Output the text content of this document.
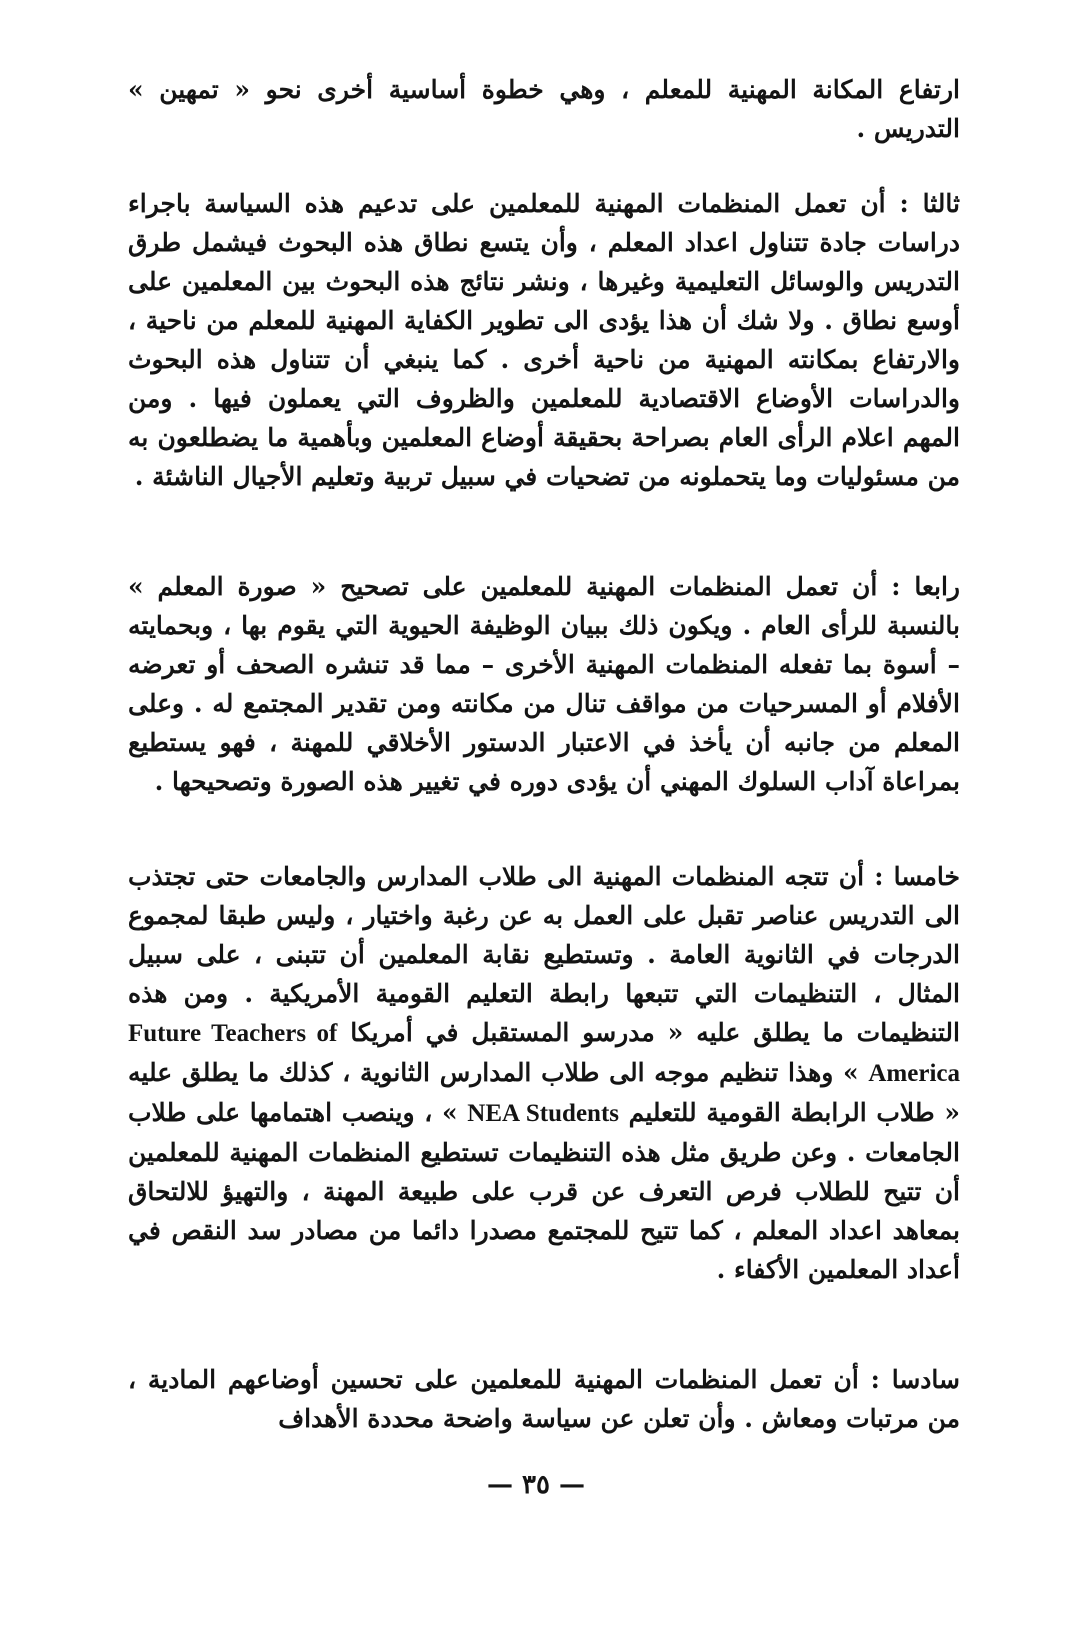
ارتفاع المكانة المهنية للمعلم ، وهي خطوة أساسية أخرى نحو « تمهين » التدريس .

ثالثا : أن تعمل المنظمات المهنية للمعلمين على تدعيم هذه السياسة باجراء دراسات جادة تتناول اعداد المعلم ، وأن يتسع نطاق هذه البحوث فيشمل طرق التدريس والوسائل التعليمية وغيرها ، ونشر نتائج هذه البحوث بين المعلمين على أوسع نطاق . ولا شك أن هذا يؤدى الى تطوير الكفاية المهنية للمعلم من ناحية ، والارتفاع بمكانته المهنية من ناحية أخرى . كما ينبغي أن تتناول هذه البحوث والدراسات الأوضاع الاقتصادية للمعلمين والظروف التي يعملون فيها . ومن المهم اعلام الرأى العام بصراحة بحقيقة أوضاع المعلمين وبأهمية ما يضطلعون به من مسئوليات وما يتحملونه من تضحيات في سبيل تربية وتعليم الأجيال الناشئة .

رابعا : أن تعمل المنظمات المهنية للمعلمين على تصحيح « صورة المعلم » بالنسبة للرأى العام . ويكون ذلك ببيان الوظيفة الحيوية التي يقوم بها ، وبحمايته – أسوة بما تفعله المنظمات المهنية الأخرى – مما قد تنشره الصحف أو تعرضه الأفلام أو المسرحيات من مواقف تنال من مكانته ومن تقدير المجتمع له . وعلى المعلم من جانبه أن يأخذ في الاعتبار الدستور الأخلاقي للمهنة ، فهو يستطيع بمراعاة آداب السلوك المهني أن يؤدى دوره في تغيير هذه الصورة وتصحيحها .

خامسا : أن تتجه المنظمات المهنية الى طلاب المدارس والجامعات حتى تجتذب الى التدريس عناصر تقبل على العمل به عن رغبة واختيار ، وليس طبقا لمجموع الدرجات في الثانوية العامة . وتستطيع نقابة المعلمين أن تتبنى ، على سبيل المثال ، التنظيمات التي تتبعها رابطة التعليم القومية الأمريكية . ومن هذه التنظيمات ما يطلق عليه « مدرسو المستقبل في أمريكا Future Teachers of America » وهذا تنظيم موجه الى طلاب المدارس الثانوية ، كذلك ما يطلق عليه « طلاب الرابطة القومية للتعليم NEA Students » ، وينصب اهتمامها على طلاب الجامعات . وعن طريق مثل هذه التنظيمات تستطيع المنظمات المهنية للمعلمين أن تتيح للطلاب فرص التعرف عن قرب على طبيعة المهنة ، والتهيؤ للالتحاق بمعاهد اعداد المعلم ، كما تتيح للمجتمع مصدرا دائما من مصادر سد النقص في أعداد المعلمين الأكفاء .

سادسا : أن تعمل المنظمات المهنية للمعلمين على تحسين أوضاعهم المادية ، من مرتبات ومعاش . وأن تعلن عن سياسة واضحة محددة الأهداف

— ٣٥ —
